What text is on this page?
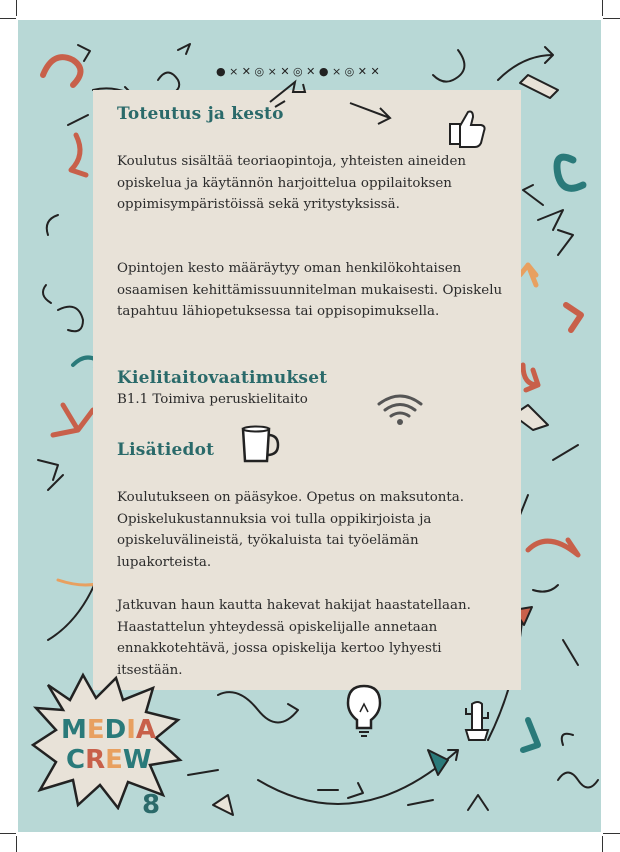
● × ✕ ◎ × ✕ ◎ ✕ ● × ◎ ✕ ✕
Toteutus ja kesto

Koulutus sisältää teoriaopintoja, yhteisten aineiden opiskelua ja käytännön harjoittelua oppilaitoksen oppimisympäristöissä sekä yritystyksissä.

Opintojen kesto määräytyy oman henkilökohtaisen osaamisen kehittämissuunnitelman mukaisesti. Opiskelu tapahtuu lähiopetuksessa tai oppisopimuksella.

Kielitaitovaatimukset

B1.1 Toimiva peruskielitaito

Lisätiedot

Koulutukseen on pääsykoe. Opetus on maksutonta. Opiskelukustannuksia voi tulla oppikirjoista ja opiskeluvälineistä, työkaluista tai työelämän lupakorteista.

Jatkuvan haun kautta hakevat hakijat haastatellaan. Haastattelun yhteydessä opiskelijalle annetaan ennakkotehtävä, jossa opiskelija kertoo lyhyesti itsestään.

MEDIA
CREW
8
